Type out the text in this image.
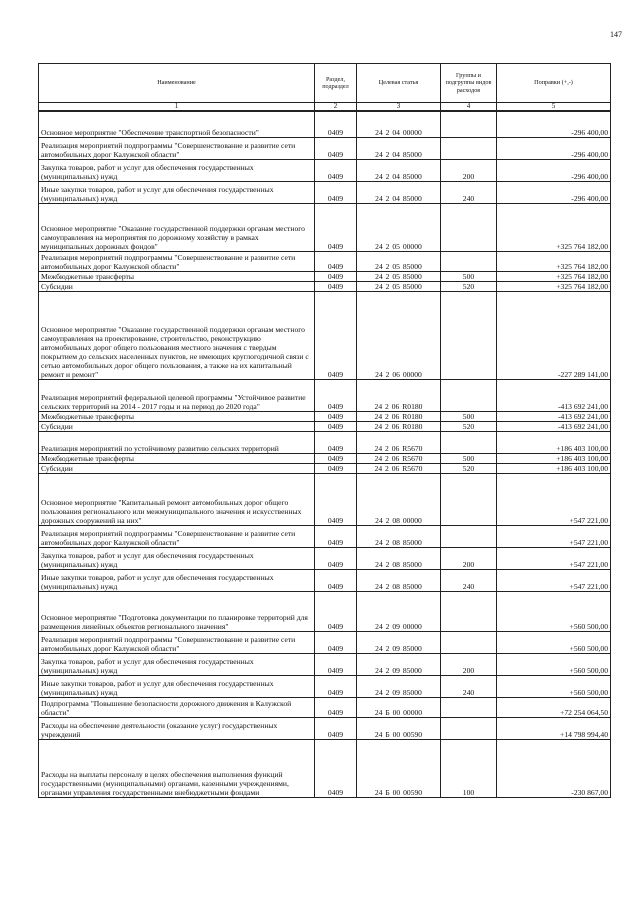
147
Наименование	Раздел, подраздел	Целевая статья	Группы и подгруппы видов расходов	Поправки (+,-)
1	2	3	4	5
Основное мероприятие "Обеспечение транспортной безопасности"	0409	24 2 04 00000		-296 400,00
Реализация мероприятий подпрограммы "Совершенствование и развитие сети автомобильных дорог Калужской области"	0409	24 2 04 85000		-296 400,00
Закупка товаров, работ и услуг для обеспечения государственных (муниципальных) нужд	0409	24 2 04 85000	200	-296 400,00
Иные закупки товаров, работ и услуг для обеспечения государственных (муниципальных) нужд	0409	24 2 04 85000	240	-296 400,00
Основное мероприятие "Оказание государственной поддержки органам местного самоуправления на мероприятия по дорожному хозяйству в рамках муниципальных дорожных фондов"	0409	24 2 05 00000		+325 764 182,00
Реализация мероприятий подпрограммы "Совершенствование и развитие сети автомобильных дорог Калужской области"	0409	24 2 05 85000		+325 764 182,00
Межбюджетные трансферты	0409	24 2 05 85000	500	+325 764 182,00
Субсидии	0409	24 2 05 85000	520	+325 764 182,00
Основное мероприятие "Оказание государственной поддержки органам местного самоуправления на проектирование, строительство, реконструкцию автомобильных дорог общего пользования местного значения с твердым покрытием до сельских населенных пунктов, не имеющих круглогодичной связи с сетью автомобильных дорог общего пользования, а также на их капитальный ремонт и ремонт"	0409	24 2 06 00000		-227 289 141,00
Реализация мероприятий федеральной целевой программы "Устойчивое развитие сельских территорий на 2014 - 2017 годы и на период до 2020 года"	0409	24 2 06 R0180		-413 692 241,00
Межбюджетные трансферты	0409	24 2 06 R0180	500	-413 692 241,00
Субсидии	0409	24 2 06 R0180	520	-413 692 241,00
Реализация мероприятий по устойчивому развитию сельских территорий	0409	24 2 06 R5670		+186 403 100,00
Межбюджетные трансферты	0409	24 2 06 R5670	500	+186 403 100,00
Субсидии	0409	24 2 06 R5670	520	+186 403 100,00
Основное мероприятие "Капитальный ремонт автомобильных дорог общего пользования регионального или межмуниципального значения и искусственных дорожных сооружений на них"	0409	24 2 08 00000		+547 221,00
Реализация мероприятий подпрограммы "Совершенствование и развитие сети автомобильных дорог Калужской области"	0409	24 2 08 85000		+547 221,00
Закупка товаров, работ и услуг для обеспечения государственных (муниципальных) нужд	0409	24 2 08 85000	200	+547 221,00
Иные закупки товаров, работ и услуг для обеспечения государственных (муниципальных) нужд	0409	24 2 08 85000	240	+547 221,00
Основное мероприятие "Подготовка документации по планировке территорий для размещения линейных объектов регионального значения"	0409	24 2 09 00000		+560 500,00
Реализация мероприятий подпрограммы "Совершенствование и развитие сети автомобильных дорог Калужской области"	0409	24 2 09 85000		+560 500,00
Закупка товаров, работ и услуг для обеспечения государственных (муниципальных) нужд	0409	24 2 09 85000	200	+560 500,00
Иные закупки товаров, работ и услуг для обеспечения государственных (муниципальных) нужд	0409	24 2 09 85000	240	+560 500,00
Подпрограмма "Повышение безопасности дорожного движения в Калужской области"	0409	24 Б 00 00000		+72 254 064,50
Расходы на обеспечение деятельности (оказание услуг) государственных учреждений	0409	24 Б 00 00590		+14 798 994,40
Расходы на выплаты персоналу в целях обеспечения выполнения функций государственными (муниципальными) органами, казенными учреждениями, органами управления государственными внебюджетными фондами	0409	24 Б 00 00590	100	-230 867,00
